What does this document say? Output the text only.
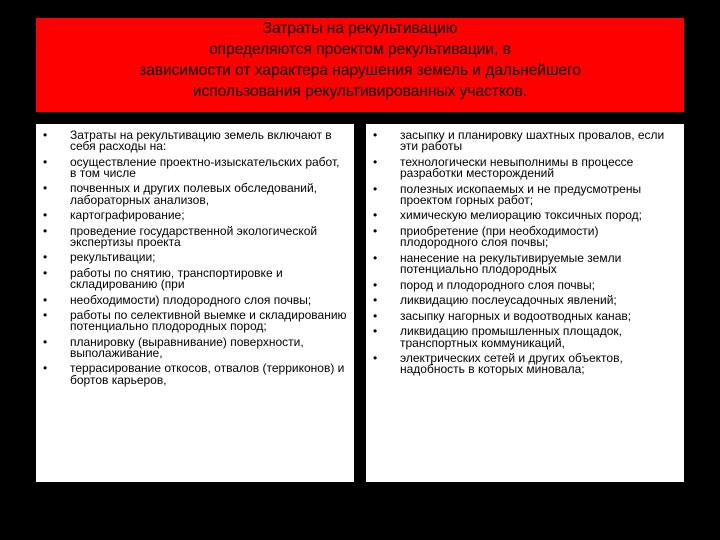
Затраты на рекультивацию
определяются проектом рекультивации, в
зависимости от характера нарушения земель и дальнейшего
использования рекультивированных участков.
• Затраты на рекультивацию земель включают в себя расходы на:
• осуществление проектно-изыскательских работ, в том числе
• почвенных и других полевых обследований, лабораторных анализов,
• картографирование;
• проведение государственной экологической экспертизы проекта
• рекультивации;
• работы по снятию, транспортировке и складированию (при
• необходимости) плодородного слоя почвы;
• работы по селективной выемке и складированию потенциально плодородных пород;
• планировку (выравнивание) поверхности, выполаживание,
• террасирование откосов, отвалов (терриконов) и бортов карьеров,
• засыпку и планировку шахтных провалов, если эти работы
• технологически невыполнимы в процессе разработки месторождений
• полезных ископаемых и не предусмотрены проектом горных работ;
• химическую мелиорацию токсичных пород;
• приобретение (при необходимости) плодородного слоя почвы;
• нанесение на рекультивируемые земли потенциально плодородных
• пород и плодородного слоя почвы;
• ликвидацию послеусадочных явлений;
• засыпку нагорных и водоотводных канав;
• ликвидацию промышленных площадок, транспортных коммуникаций,
• электрических сетей и других объектов, надобность в которых миновала;
